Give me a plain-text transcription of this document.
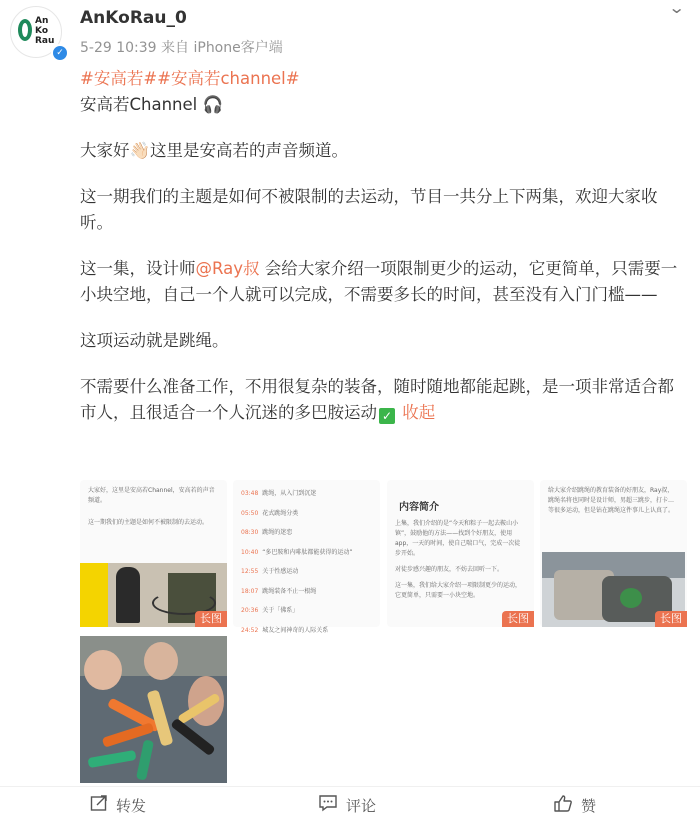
An
Ko
Rau
✓
AnKoRau_0
5-29 10:39 来自 iPhone客户端
⌄

#安高若##安高若channel#

安高若Channel 🎧

大家好👋🏻这里是安高若的声音频道。

这一期我们的主题是如何不被限制的去运动，节目一共分上下两集，欢迎大家收
听。

这一集，设计师@Ray叔 会给大家介绍一项限制更少的运动，它更简单，只需要一
小块空地，自己一个人就可以完成，不需要多长的时间，甚至没有入门门槛——

这项运动就是跳绳。

不需要什么准备工作，不用很复杂的装备，随时随地都能起跳，是一项非常适合都
市人，且很适合一个人沉迷的多巴胺运动 ✓ 收起

大家好，这里是安高若Channel，安高若的声音频道。
这一期我们的主题是如何不被限制的去运动。
长图
03:48 跳绳，从入门到沉迷
05:50 花式跳绳分类
08:30 跳绳的迷恋
10:40 “多巴胺和内啡肽都能获得的运动”
12:55 关于性感运动
18:07 跳绳装备不止一根绳
20:36 关于「佛系」
24:52 城友之间神奇的人际关系
内容简介
上集，我们介绍的是“今天和粽子一起去鞍山小镇”，鼓励他的方法——找到个好朋友，使用app，一天的时间，使自己喘口气，完成一次徒步开始。
对徒步感兴趣的朋友，不妨去回听一下。
这一集，我们给大家介绍一项限制更少的运动，它更简单，只需要一小块空地。
长图
给大家介绍跳绳的教育装备的好朋友，Ray叔，跳绳名将也同时是设计师，男超三跳步，打卡…等很多运动，但是钻在跳绳这件事儿上认真了。
长图
转发	评论	赞
